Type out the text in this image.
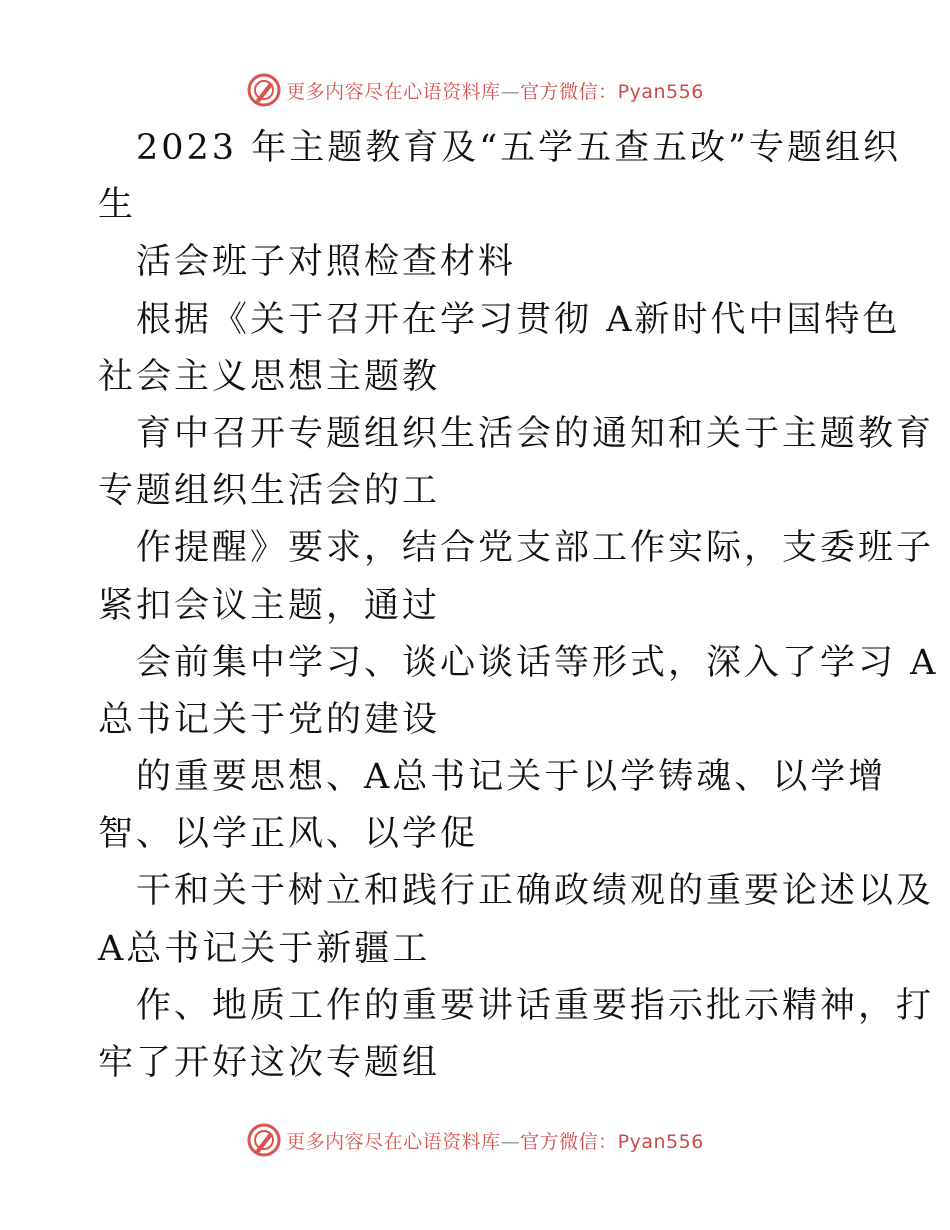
更多内容尽在心语资料库—官方微信：Pyan556
2023 年主题教育及“五学五查五改”专题组织
生
活会班子对照检查材料
根据《关于召开在学习贯彻 A新时代中国特色
社会主义思想主题教
育中召开专题组织生活会的通知和关于主题教育
专题组织生活会的工
作提醒》要求，结合党支部工作实际，支委班子
紧扣会议主题，通过
会前集中学习、谈心谈话等形式，深入了学习 A
总书记关于党的建设
的重要思想、A总书记关于以学铸魂、以学增
智、以学正风、以学促
干和关于树立和践行正确政绩观的重要论述以及
A总书记关于新疆工
作、地质工作的重要讲话重要指示批示精神，打
牢了开好这次专题组
更多内容尽在心语资料库—官方微信：Pyan556
